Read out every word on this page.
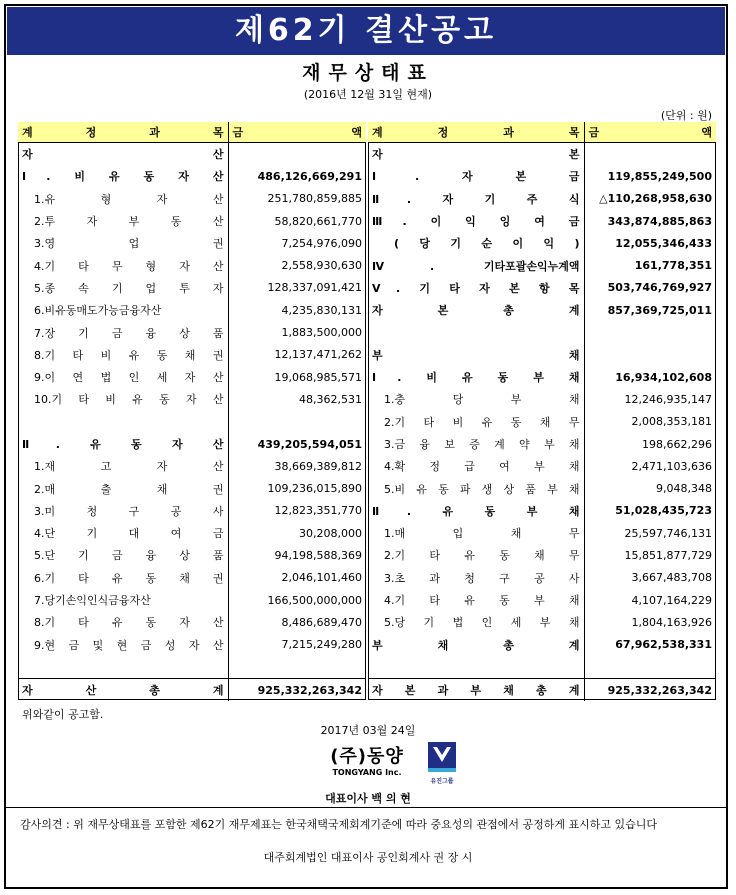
제62기 결산공고
재무상태표
(2016년 12월 31일 현재)
(단위 : 원)
계 정 과 목	금 액
자 산	
Ⅰ. 비 유 동 자 산	486,126,669,291
1.유 형 자 산	251,780,859,885
2.투 자 부 동 산	58,820,661,770
3.영 업 권	7,254,976,090
4.기 타 무 형 자 산	2,558,930,630
5.종 속 기 업 투 자	128,337,091,421
6.비유동매도가능금융자산	4,235,830,131
7.장 기 금 융 상 품	1,883,500,000
8.기 타 비 유 동 채 권	12,137,471,262
9.이 연 법 인 세 자 산	19,068,985,571
10.기 타 비 유 동 자 산	48,362,531

Ⅱ. 유 동 자 산	439,205,594,051
1.재 고 자 산	38,669,389,812
2.매 출 채 권	109,236,015,890
3.미 청 구 공 사	12,823,351,770
4.단 기 대 여 금	30,208,000
5.단 기 금 융 상 품	94,198,588,369
6.기 타 유 동 채 권	2,046,101,460
7.당기손익인식금융자산	166,500,000,000
8.기 타 유 동 자 산	8,486,689,470
9.현 금 및 현 금 성 자 산	7,215,249,280

자 산 총 계	925,332,263,342
계 정 과 목	금 액
자 본	
Ⅰ. 자 본 금	119,855,249,500
Ⅱ. 자 기 주 식	△110,268,958,630
Ⅲ. 이 익 잉 여 금	343,874,885,863
( 당 기 순 이 익 )	12,055,346,433
Ⅳ. 기타포괄손익누계액	161,778,351
Ⅴ. 기 타 자 본 항 목	503,746,769,927
자 본 총 계	857,369,725,011

부 채	
Ⅰ. 비 유 동 부 채	16,934,102,608
1.충 당 부 채	12,246,935,147
2.기 타 비 유 동 채 무	2,008,353,181
3.금 융 보 증 계 약 부 채	198,662,296
4.확 정 급 여 부 채	2,471,103,636
5.비 유 동 파 생 상 품 부 채	9,048,348
Ⅱ. 유 동 부 채	51,028,435,723
1.매 입 채 무	25,597,746,131
2.기 타 유 동 채 무	15,851,877,729
3.초 과 청 구 공 사	3,667,483,708
4.기 타 유 동 부 채	4,107,164,229
5.당 기 법 인 세 부 채	1,804,163,926
부 채 총 계	67,962,538,331

자 본 과 부 채 총 계	925,332,263,342
위와같이 공고함.
2017년 03월 24일
(주)동양
TONGYANG Inc.
유진그룹
대표이사 백 의 현
감사의견 : 위 재무상태표를 포함한 제62기 재무제표는 한국채택국제회계기준에 따라 중요성의 관점에서 공정하게 표시하고 있습니다
대주회계법인 대표이사 공인회계사 권 장 시
